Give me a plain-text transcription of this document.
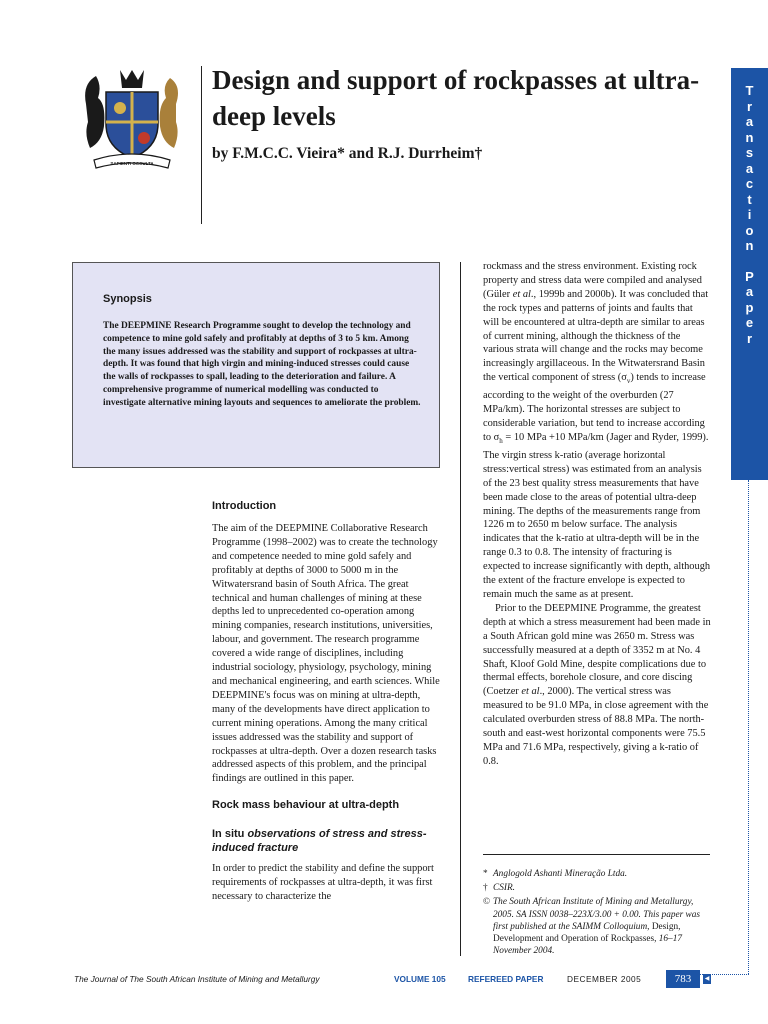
SAPIENTI OCCULTA
Design and support of rockpasses at ultra-deep levels
by F.M.C.C. Vieira* and R.J. Durrheim†
T
r
a
n
s
a
c
t
i
o
n
P
a
p
e
r
Synopsis

The DEEPMINE Research Programme sought to develop the technology and competence to mine gold safely and profitably at depths of 3 to 5 km. Among the many issues addressed was the stability and support of rockpasses at ultra-depth. It was found that high virgin and mining-induced stresses could cause the walls of rockpasses to spall, leading to the deterioration and failure. A comprehensive programme of numerical modelling was conducted to investigate alternative mining layouts and sequences to ameliorate the problem.

Introduction

The aim of the DEEPMINE Collaborative Research Programme (1998–2002) was to create the technology and competence needed to mine gold safely and profitably at depths of 3000 to 5000 m in the Witwatersrand basin of South Africa. The great technical and human challenges of mining at these depths led to unprecedented co-operation among mining companies, research institutions, universities, labour, and government. The research programme covered a wide range of disciplines, including industrial sociology, physiology, psychology, mining and mechanical engineering, and earth sciences. While DEEPMINE's focus was on mining at ultra-depth, many of the developments have direct application to current mining operations. Among the many critical issues addressed was the stability and support of rockpasses at ultra-depth. Over a dozen research tasks addressed aspects of this problem, and the principal findings are outlined in this paper.

Rock mass behaviour at ultra-depth
In situ observations of stress and stress-induced fracture

In order to predict the stability and define the support requirements of rockpasses at ultra-depth, it was first necessary to characterize the

rockmass and the stress environment. Existing rock property and stress data were compiled and analysed (Güler et al., 1999b and 2000b). It was concluded that the rock types and patterns of joints and faults that will be encountered at ultra-depth are similar to areas of current mining, although the thickness of the various strata will change and the rocks may become increasingly argillaceous. In the Witwatersrand Basin the vertical component of stress $(\sigma_v)$ tends to increase according to the weight of the overburden (27 MPa/km). The horizontal stresses are subject to considerable variation, but tend to increase according to $\sigma_h = 10$ MPa +10 MPa/km (Jager and Ryder, 1999). The virgin stress k-ratio (average horizontal stress:vertical stress) was estimated from an analysis of the 23 best quality stress measurements that have been made close to the areas of potential ultra-deep mining. The depths of the measurements range from 1226 m to 2650 m below surface. The analysis indicates that the k-ratio at ultra-depth will be in the range 0.3 to 0.8. The intensity of fracturing is expected to increase significantly with depth, although the extent of the fracture envelope is expected to remain much the same as at present.

Prior to the DEEPMINE Programme, the greatest depth at which a stress measurement had been made in a South African gold mine was 2650 m. Stress was successfully measured at a depth of 3352 m at No. 4 Shaft, Kloof Gold Mine, despite complications due to thermal effects, borehole closure, and core discing (Coetzer et al., 2000). The vertical stress was measured to be 91.0 MPa, in close agreement with the calculated overburden stress of 88.8 MPa. The north-south and east-west horizontal components were 75.5 MPa and 71.6 MPa, respectively, giving a k-ratio of 0.8.

* Anglogold Ashanti Mineração Ltda.

† CSIR.

© The South African Institute of Mining and Metallurgy, 2005. SA ISSN 0038–223X/3.00 + 0.00. This paper was first published at the SAIMM Colloquium, Design, Development and Operation of Rockpasses, 16–17 November 2004.

The Journal of The South African Institute of Mining and Metallurgy	VOLUME 105	REFEREED PAPER	DECEMBER 2005	783	◀
